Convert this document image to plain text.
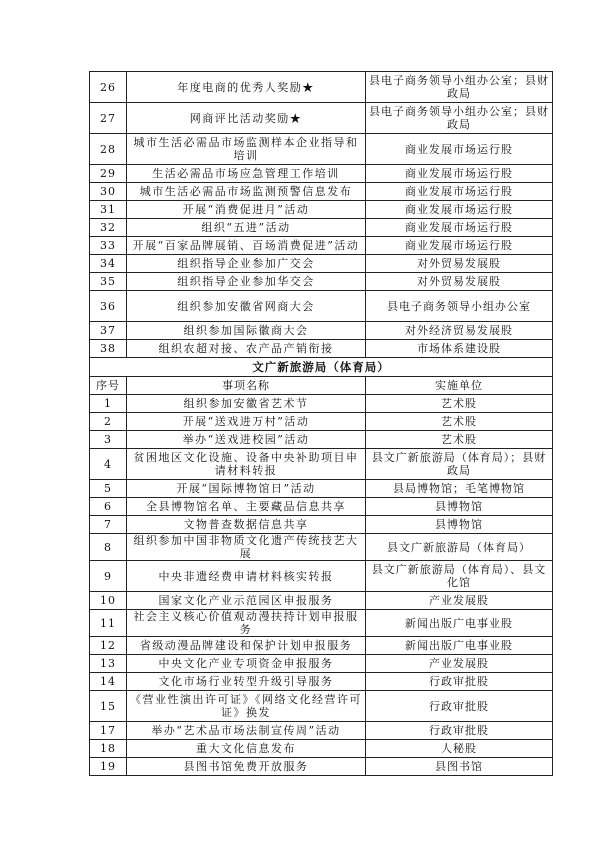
26	年度电商的优秀人奖励★	县电子商务领导小组办公室；县财政局
27	网商评比活动奖励★	县电子商务领导小组办公室；县财政局
28	城市生活必需品市场监测样本企业指导和培训	商业发展市场运行股
29	生活必需品市场应急管理工作培训	商业发展市场运行股
30	城市生活必需品市场监测预警信息发布	商业发展市场运行股
31	开展“消费促进月”活动	商业发展市场运行股
32	组织“五进”活动	商业发展市场运行股
33	开展“百家品牌展销、百场消费促进”活动	商业发展市场运行股
34	组织指导企业参加广交会	对外贸易发展股
35	组织指导企业参加华交会	对外贸易发展股
36	组织参加安徽省网商大会	县电子商务领导小组办公室
37	组织参加国际徽商大会	对外经济贸易发展股
38	组织农超对接、农产品产销衔接	市场体系建设股
文广新旅游局（体育局）		
序号	事项名称	实施单位
1	组织参加安徽省艺术节	艺术股
2	开展“送戏进万村”活动	艺术股
3	举办“送戏进校园”活动	艺术股
4	贫困地区文化设施、设备中央补助项目申请材料转报	县文广新旅游局（体育局）；县财政局
5	开展“国际博物馆日”活动	县局博物馆；毛笔博物馆
6	全县博物馆名单、主要藏品信息共享	县博物馆
7	文物普查数据信息共享	县博物馆
8	组织参加中国非物质文化遗产传统技艺大展	县文广新旅游局（体育局）
9	中央非遗经费申请材料核实转报	县文广新旅游局（体育局）、县文化馆
10	国家文化产业示范园区申报服务	产业发展股
11	社会主义核心价值观动漫扶持计划申报服务	新闻出版广电事业股
12	省级动漫品牌建设和保护计划申报服务	新闻出版广电事业股
13	中央文化产业专项资金申报服务	产业发展股
14	文化市场行业转型升级引导服务	行政审批股
15	《营业性演出许可证》《网络文化经营许可证》换发	行政审批股
17	举办“艺术品市场法制宣传周”活动	行政审批股
18	重大文化信息发布	人秘股
19	县图书馆免费开放服务	县图书馆
